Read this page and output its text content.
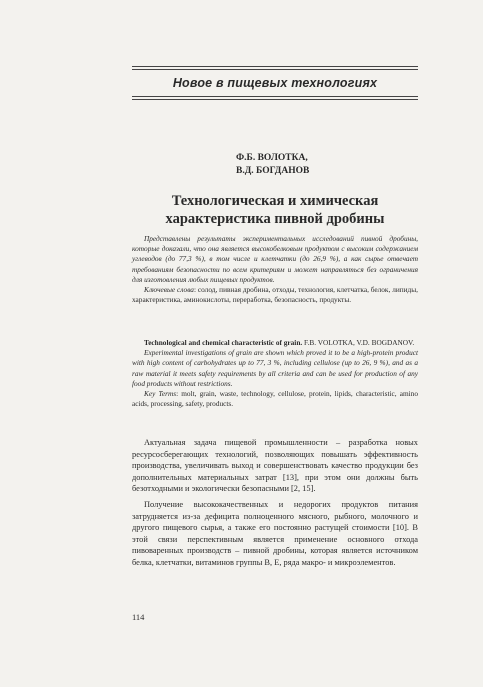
Новое в пищевых технологиях
Ф.Б. ВОЛОТКА,
В.Д. БОГДАНОВ
Технологическая и химическая
характеристика пивной дробины

Представлены результаты экспериментальных исследований пивной дробины, которые доказали, что она является высокобелковым продуктом с высоким содержанием углеводов (до 77,3 %), в том числе и клетчатки (до 26,9 %), а как сырье отвечает требованиям безопасности по всем критериям и может направляться без ограничения для изготовления любых пищевых продуктов.

Ключевые слова: солод, пивная дробина, отходы, технология, клетчатка, белок, липиды, характеристика, аминокислоты, переработка, безопасность, продукты.

Technological and chemical characteristic of grain. F.B. VOLOTKA, V.D. BOGDANOV.

Experimental investigations of grain are shown which proved it to be a high-protein product with high content of carbohydrates up to 77, 3 %, including cellulose (up to 26, 9 %), and as a raw material it meets safety requirements by all criteria and can be used for production of any food products without restrictions.

Key Terms: molt, grain, waste, technology, cellulose, protein, lipids, characteristic, amino acids, processing, safety, products.

Актуальная задача пищевой промышленности – разработка новых ресурсосберегающих технологий, позволяющих повышать эффективность производства, увеличивать выход и совершенствовать качество продукции без дополнительных материальных затрат [13], при этом они должны быть безотходными и экологически безопасными [2, 15].

Получение высококачественных и недорогих продуктов питания затрудняется из-за дефицита полноценного мясного, рыбного, молочного и другого пищевого сырья, а также его постоянно растущей стоимости [10]. В этой связи перспективным является применение основного отхода пивоваренных производств – пивной дробины, которая является источником белка, клетчатки, витаминов группы B, E, ряда макро- и микроэлементов.

114
